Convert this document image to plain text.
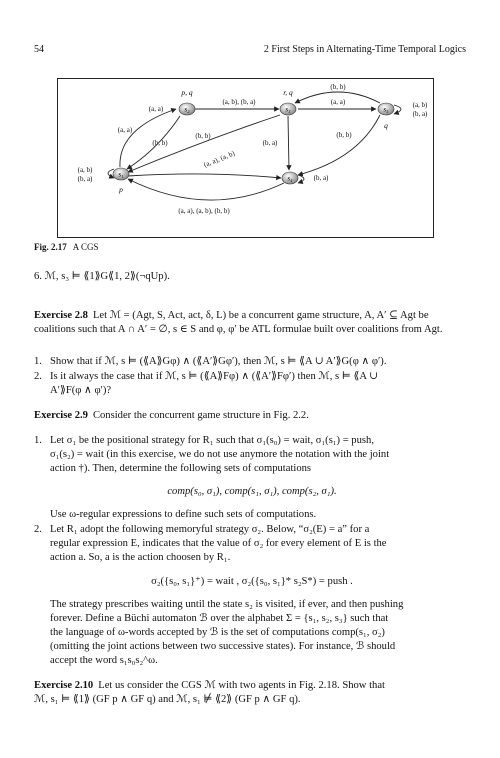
54	2 First Steps in Alternating-Time Temporal Logics
s₁
s₂	s₃
s₄
s₅
p, q	r, q
q
p
(a, b)
(b, a)
(a, a)
(b, b)
(a, a)
(a, b), (b, a)
(b, b)
(a, a), (a, b)
(b, a)
(a, a)
(b, b)
(a, b)
(b, a)
(b, b)
(b, a)
(a, a), (a, b), (b, b)
Fig. 2.17 A CGS
6. ℳ, s₃ ⊨ ⟪1⟫G⟪1, 2⟫(¬qUp).
Exercise 2.8 Let ℳ = (Agt, S, Act, act, δ, L) be a concurrent game structure, A, A′ ⊆ Agt be coalitions such that A ∩ A′ = ∅, s ∈ S and φ, φ′ be ATL formulae built over coalitions from Agt.
1. Show that if ℳ, s ⊨ (⟪A⟫Gφ) ∧ (⟪A′⟫Gφ′), then ℳ, s ⊨ ⟪A ∪ A′⟫G(φ ∧ φ′).
2. Is it always the case that if ℳ, s ⊨ (⟪A⟫Fφ) ∧ (⟪A′⟫Fφ′) then ℳ, s ⊨ ⟪A ∪
A′⟫F(φ ∧ φ′)?
Exercise 2.9 Consider the concurrent game structure in Fig. 2.2.
1. Let σ₁ be the positional strategy for R₁ such that σ₁(s₀) = wait, σ₁(s₁) = push,
σ₁(s₂) = wait (in this exercise, we do not use anymore the notation with the joint
action †). Then, determine the following sets of computations
comp(s₀, σ₁), comp(s₁, σ₁), comp(s₂, σ₁).
Use ω-regular expressions to define such sets of computations.
2. Let R₁ adopt the following memoryful strategy σ₂. Below, “σ₂(E) = a” for a
regular expression E, indicates that the value of σ₂ for every element of E is the
action a. So, a is the action choosen by R₁.
σ₂({s₀, s₁}⁺) = wait , σ₂({s₀, s₁}* s₂S*) = push .
The strategy prescribes waiting until the state s₂ is visited, if ever, and then pushing
forever. Define a Büchi automaton ℬ over the alphabet Σ = {s₁, s₂, s₃} such that
the language of ω-words accepted by ℬ is the set of computations comp(s₁, σ₂)
(omitting the joint actions between two successive states). For instance, ℬ should
accept the word s₁s₀s₂^ω.
Exercise 2.10 Let us consider the CGS ℳ with two agents in Fig. 2.18. Show that
ℳ, s₁ ⊨ ⟪1⟫ (GF p ∧ GF q) and ℳ, s₁ ⊭ ⟪2⟫ (GF p ∧ GF q).
